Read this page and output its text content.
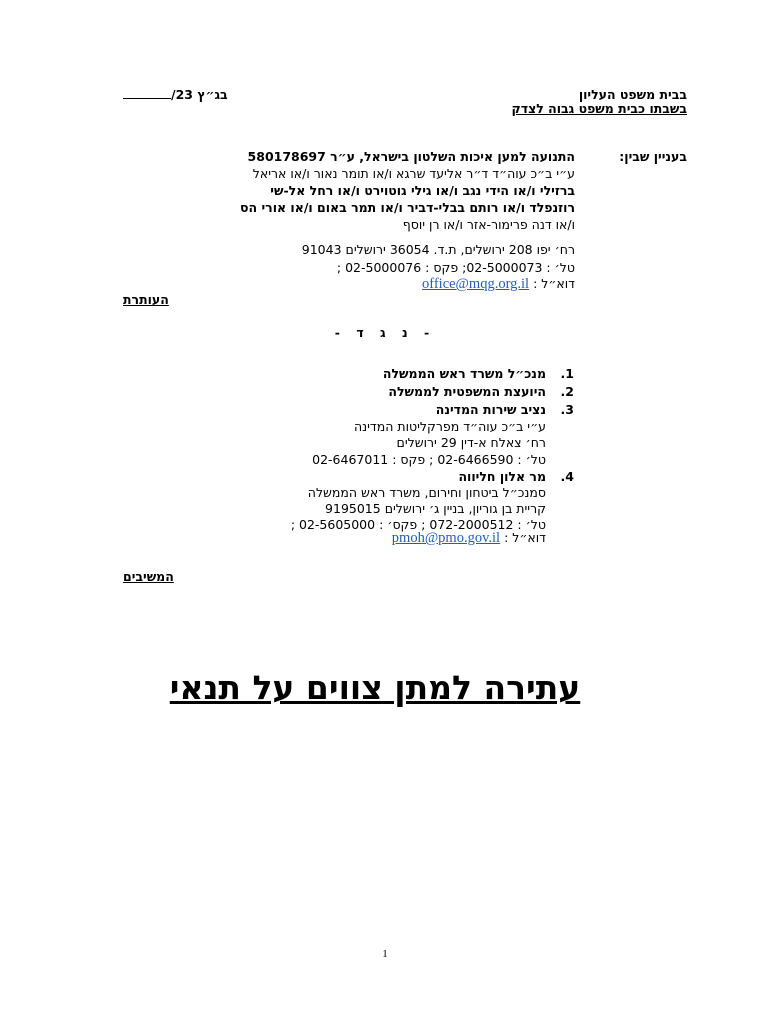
בבית משפט העליון
בשבתו כבית משפט גבוה לצדק
בג״ץ 23/
בעניין שבין:
התנועה למען איכות השלטון בישראל, ע״ר 580178697
ע״י ב״כ עוה״ד ד״ר אליעד שרגא ו/או תומר נאור ו/או אריאל
ברזילי ו/או הידי נגב ו/או גילי גוטוירט ו/או רחל אל-שי
רוזנפלד ו/או רותם בבלי-דביר ו/או תמר באום ו/או אורי הס
ו/או דנה פרימור-אזר ו/או רן יוסף
רח׳ יפו 208 ירושלים, ת.ד. 36054 ירושלים 91043
טל׳ : 02-5000073; פקס : 02-5000076 ;
דוא״ל : office@mqg.org.il
העותרת
- נ ג ד -
1.
מנכ״ל משרד ראש הממשלה
2.
היועצת המשפטית לממשלה
3.
נציב שירות המדינה
ע״י ב״כ עוה״ד מפרקליטות המדינה
רח׳ צאלח א-דין 29 ירושלים
טל׳ : 02-6466590 ; פקס : 02-6467011
4.
מר אלון חליווה
סמנכ״ל ביטחון וחירום, משרד ראש הממשלה
קריית בן גוריון, בניין ג׳ ירושלים 9195015
טל׳ : 072-2000512 ; פקס׳ : 02-5605000 ;
דוא״ל : pmoh@pmo.gov.il
המשיבים
עתירה למתן צווים על תנאי
1
